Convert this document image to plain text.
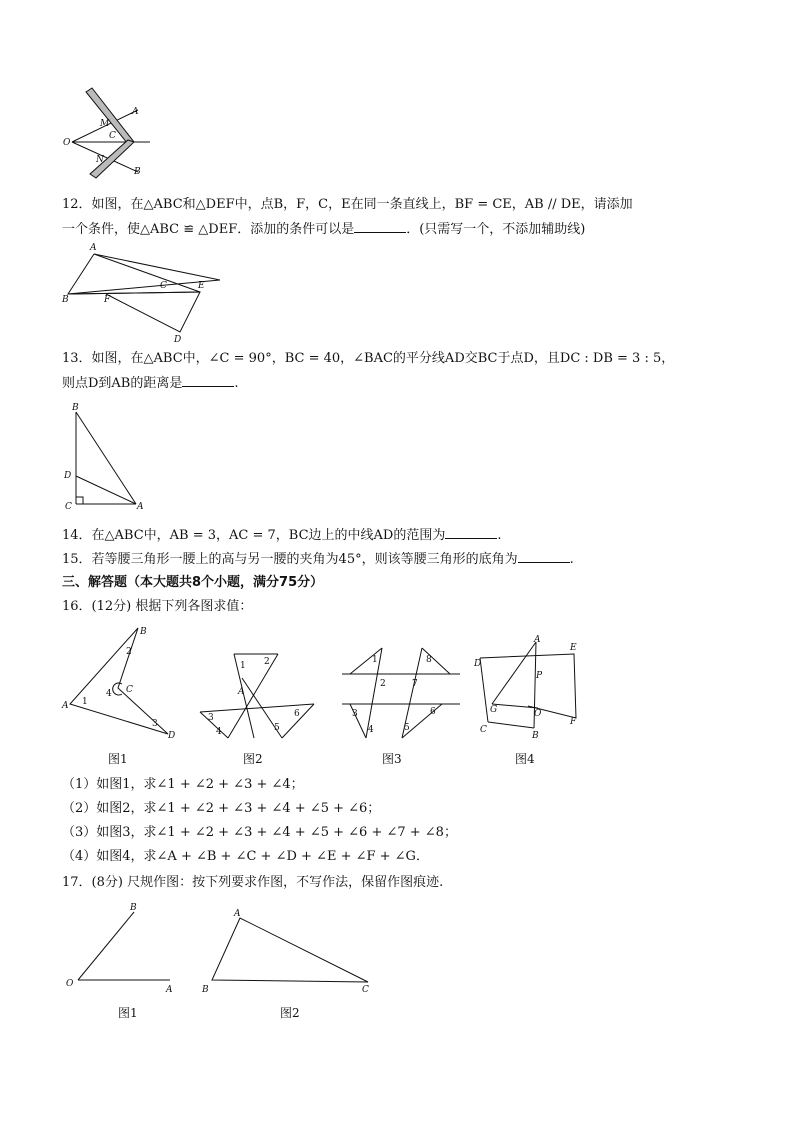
A
M
C
O
N
B
12．如图，在△ABC和△DEF中，点B，F，C，E在同一条直线上，BF = CE，AB // DE，请添加
一个条件，使△ABC ≌ △DEF．添加的条件可以是	．(只需写一个，不添加辅助线)
A
B	F
C	E
D
13．如图，在△ABC中，∠C = 90°，BC = 40，∠BAC的平分线AD交BC于点D，且DC : DB = 3 : 5，
则点D到AB的距离是	.
B
D
C	A
14．在△ABC中，AB = 3，AC = 7，BC边上的中线AD的范围为	.
15．若等腰三角形一腰上的高与另一腰的夹角为45°，则该等腰三角形的底角为	.
三、解答题（本大题共8个小题，满分75分）
16．(12分) 根据下列各图求值：
B
2
4 C
A 1
3
D
图1
1 2
A
3
4	5
6
图2
1	8
2	7
3
4	5
6
图3
A
D
E
P
G	O
F
C
B
图4
（1）如图1，求∠1 + ∠2 + ∠3 + ∠4；
（2）如图2，求∠1 + ∠2 + ∠3 + ∠4 + ∠5 + ∠6；
（3）如图3，求∠1 + ∠2 + ∠3 + ∠4 + ∠5 + ∠6 + ∠7 + ∠8；
（4）如图4，求∠A + ∠B + ∠C + ∠D + ∠E + ∠F + ∠G．
17．(8分) 尺规作图：按下列要求作图，不写作法，保留作图痕迹.
B
O
A
图1
A
B	C
图2
